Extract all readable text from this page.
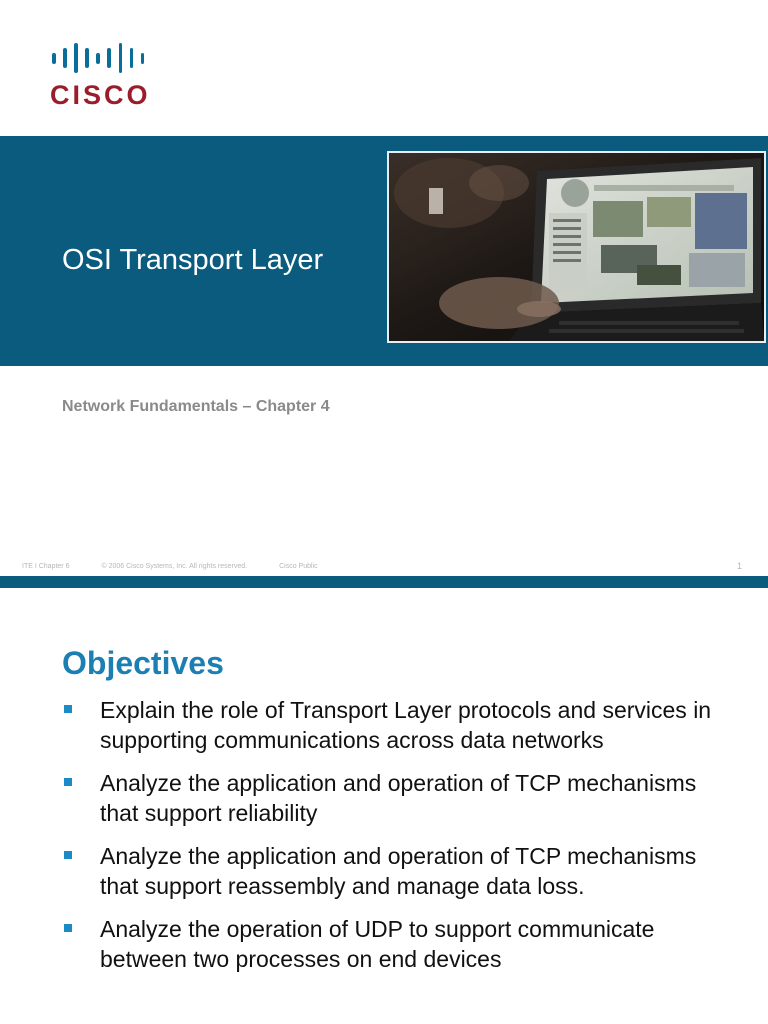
CISCO
OSI Transport Layer
Network Fundamentals – Chapter 4
ITE I Chapter 6	© 2006 Cisco Systems, Inc. All rights reserved.	Cisco Public	1
Objectives
Explain the role of Transport Layer protocols and services in supporting communications across data networks
Analyze the application and operation of TCP mechanisms that support reliability
Analyze the application and operation of TCP mechanisms that support reassembly and manage data loss.
Analyze the operation of UDP to support communicate between two processes on end devices
